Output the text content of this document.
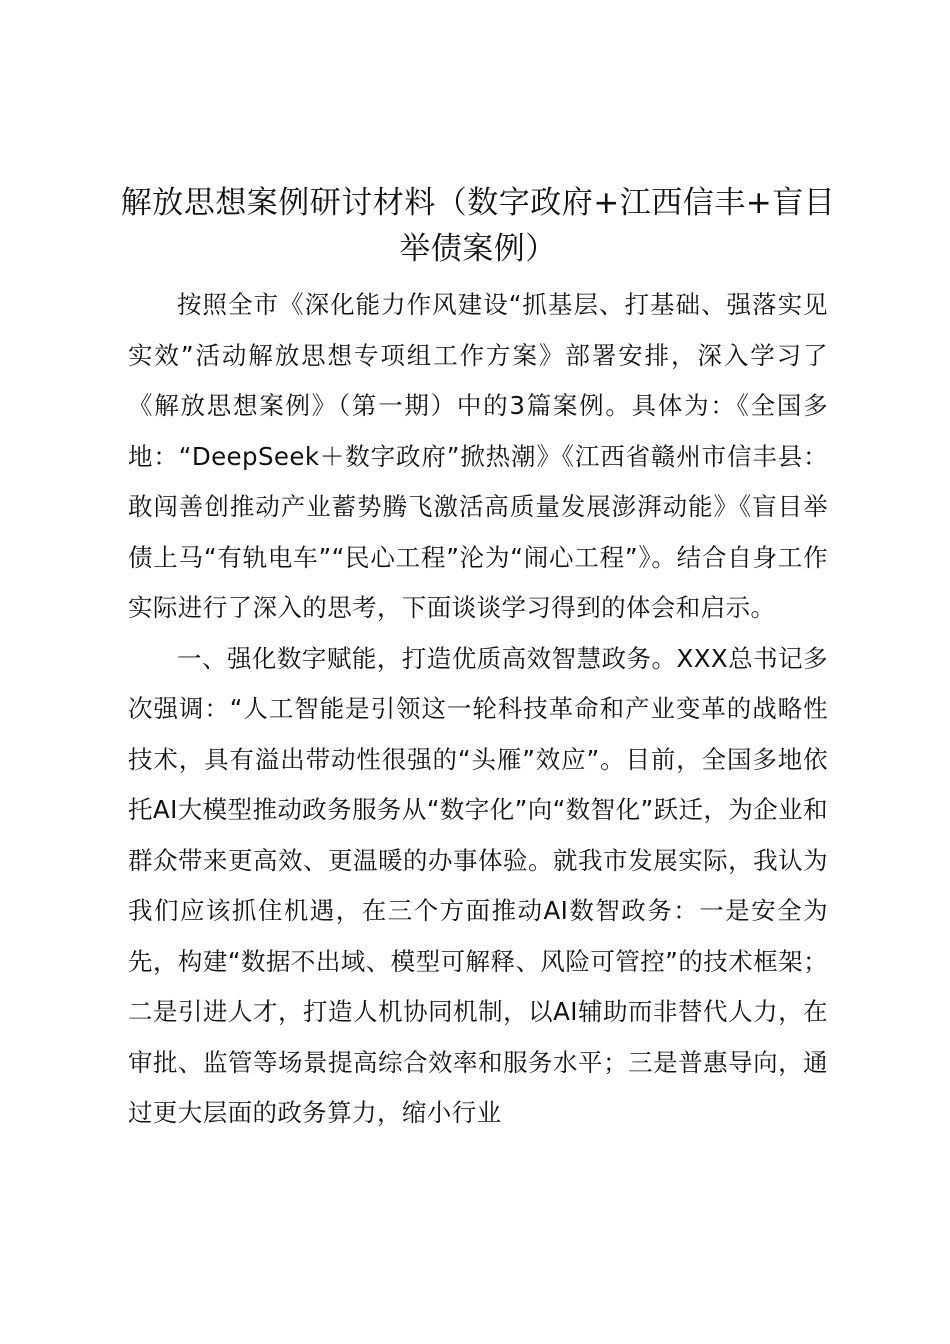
解放思想案例研讨材料（数字政府+江西信丰+盲目举债案例）

按照全市《深化能力作风建设“抓基层、打基础、强落实见实效”活动解放思想专项组工作方案》部署安排，深入学习了《解放思想案例》（第一期）中的3篇案例。具体为：《全国多地：“DeepSeek＋数字政府”掀热潮》《江西省赣州市信丰县：敢闯善创推动产业蓄势腾飞激活高质量发展澎湃动能》《盲目举债上马“有轨电车”“民心工程”沦为“闹心工程”》。结合自身工作实际进行了深入的思考，下面谈谈学习得到的体会和启示。

一、强化数字赋能，打造优质高效智慧政务。XXX总书记多次强调：“人工智能是引领这一轮科技革命和产业变革的战略性技术，具有溢出带动性很强的“头雁”效应”。目前，全国多地依托AI大模型推动政务服务从“数字化”向“数智化”跃迁，为企业和群众带来更高效、更温暖的办事体验。就我市发展实际，我认为我们应该抓住机遇，在三个方面推动AI数智政务：一是安全为先，构建“数据不出域、模型可解释、风险可管控”的技术框架；二是引进人才，打造人机协同机制，以AI辅助而非替代人力，在审批、监管等场景提高综合效率和服务水平；三是普惠导向，通过更大层面的政务算力，缩小行业
